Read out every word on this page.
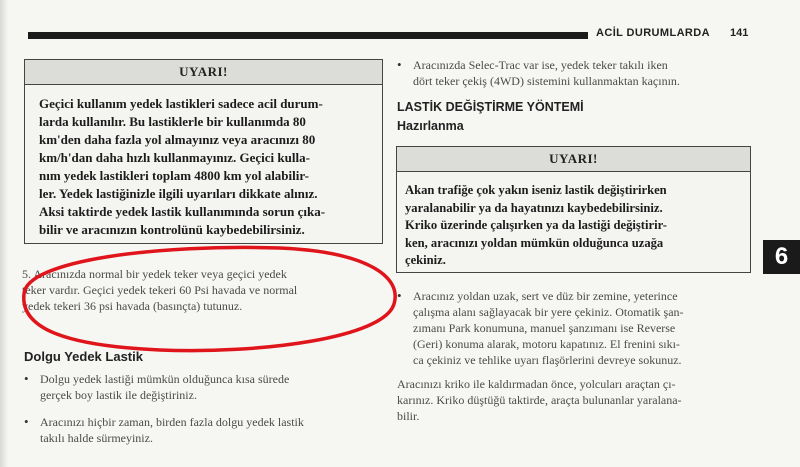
ACİL DURUMLARDA 141
UYARI!
Geçici kullanım yedek lastikleri sadece acil durum-
larda kullanılır. Bu lastiklerle bir kullanımda 80
km'den daha fazla yol almayınız veya aracınızı 80
km/h'dan daha hızlı kullanmayınız. Geçici kulla-
nım yedek lastikleri toplam 4800 km yol alabilir-
ler. Yedek lastiğinizle ilgili uyarıları dikkate alınız.
Aksi taktirde yedek lastik kullanımında sorun çıka-
bilir ve aracınızın kontrolünü kaybedebilirsiniz.
5. Aracınızda normal bir yedek teker veya geçici yedek
teker vardır. Geçici yedek tekeri 60 Psi havada ve normal
yedek tekeri 36 psi havada (basınçta) tutunuz.
Dolgu Yedek Lastik
• Dolgu yedek lastiği mümkün olduğunca kısa sürede
gerçek boy lastik ile değiştiriniz.
• Aracınızı hiçbir zaman, birden fazla dolgu yedek lastik
takılı halde sürmeyiniz.
• Aracınızda Selec-Trac var ise, yedek teker takılı iken
dört teker çekiş (4WD) sistemini kullanmaktan kaçının.
LASTİK DEĞİŞTİRME YÖNTEMİ
Hazırlanma
UYARI!
Akan trafiğe çok yakın iseniz lastik değiştirirken
yaralanabilir ya da hayatınızı kaybedebilirsiniz.
Kriko üzerinde çalışırken ya da lastiği değiştirir-
ken, aracınızı yoldan mümkün olduğunca uzağa
çekiniz.
• Aracınız yoldan uzak, sert ve düz bir zemine, yeterince
çalışma alanı sağlayacak bir yere çekiniz. Otomatik şan-
zımanı Park konumuna, manuel şanzımanı ise Reverse
(Geri) konuma alarak, motoru kapatınız. El frenini sıkı-
ca çekiniz ve tehlike uyarı flaşörlerini devreye sokunuz.
Aracınızı kriko ile kaldırmadan önce, yolcuları araçtan çı-
karınız. Kriko düştüğü taktirde, araçta bulunanlar yaralana-
bilir.
6
